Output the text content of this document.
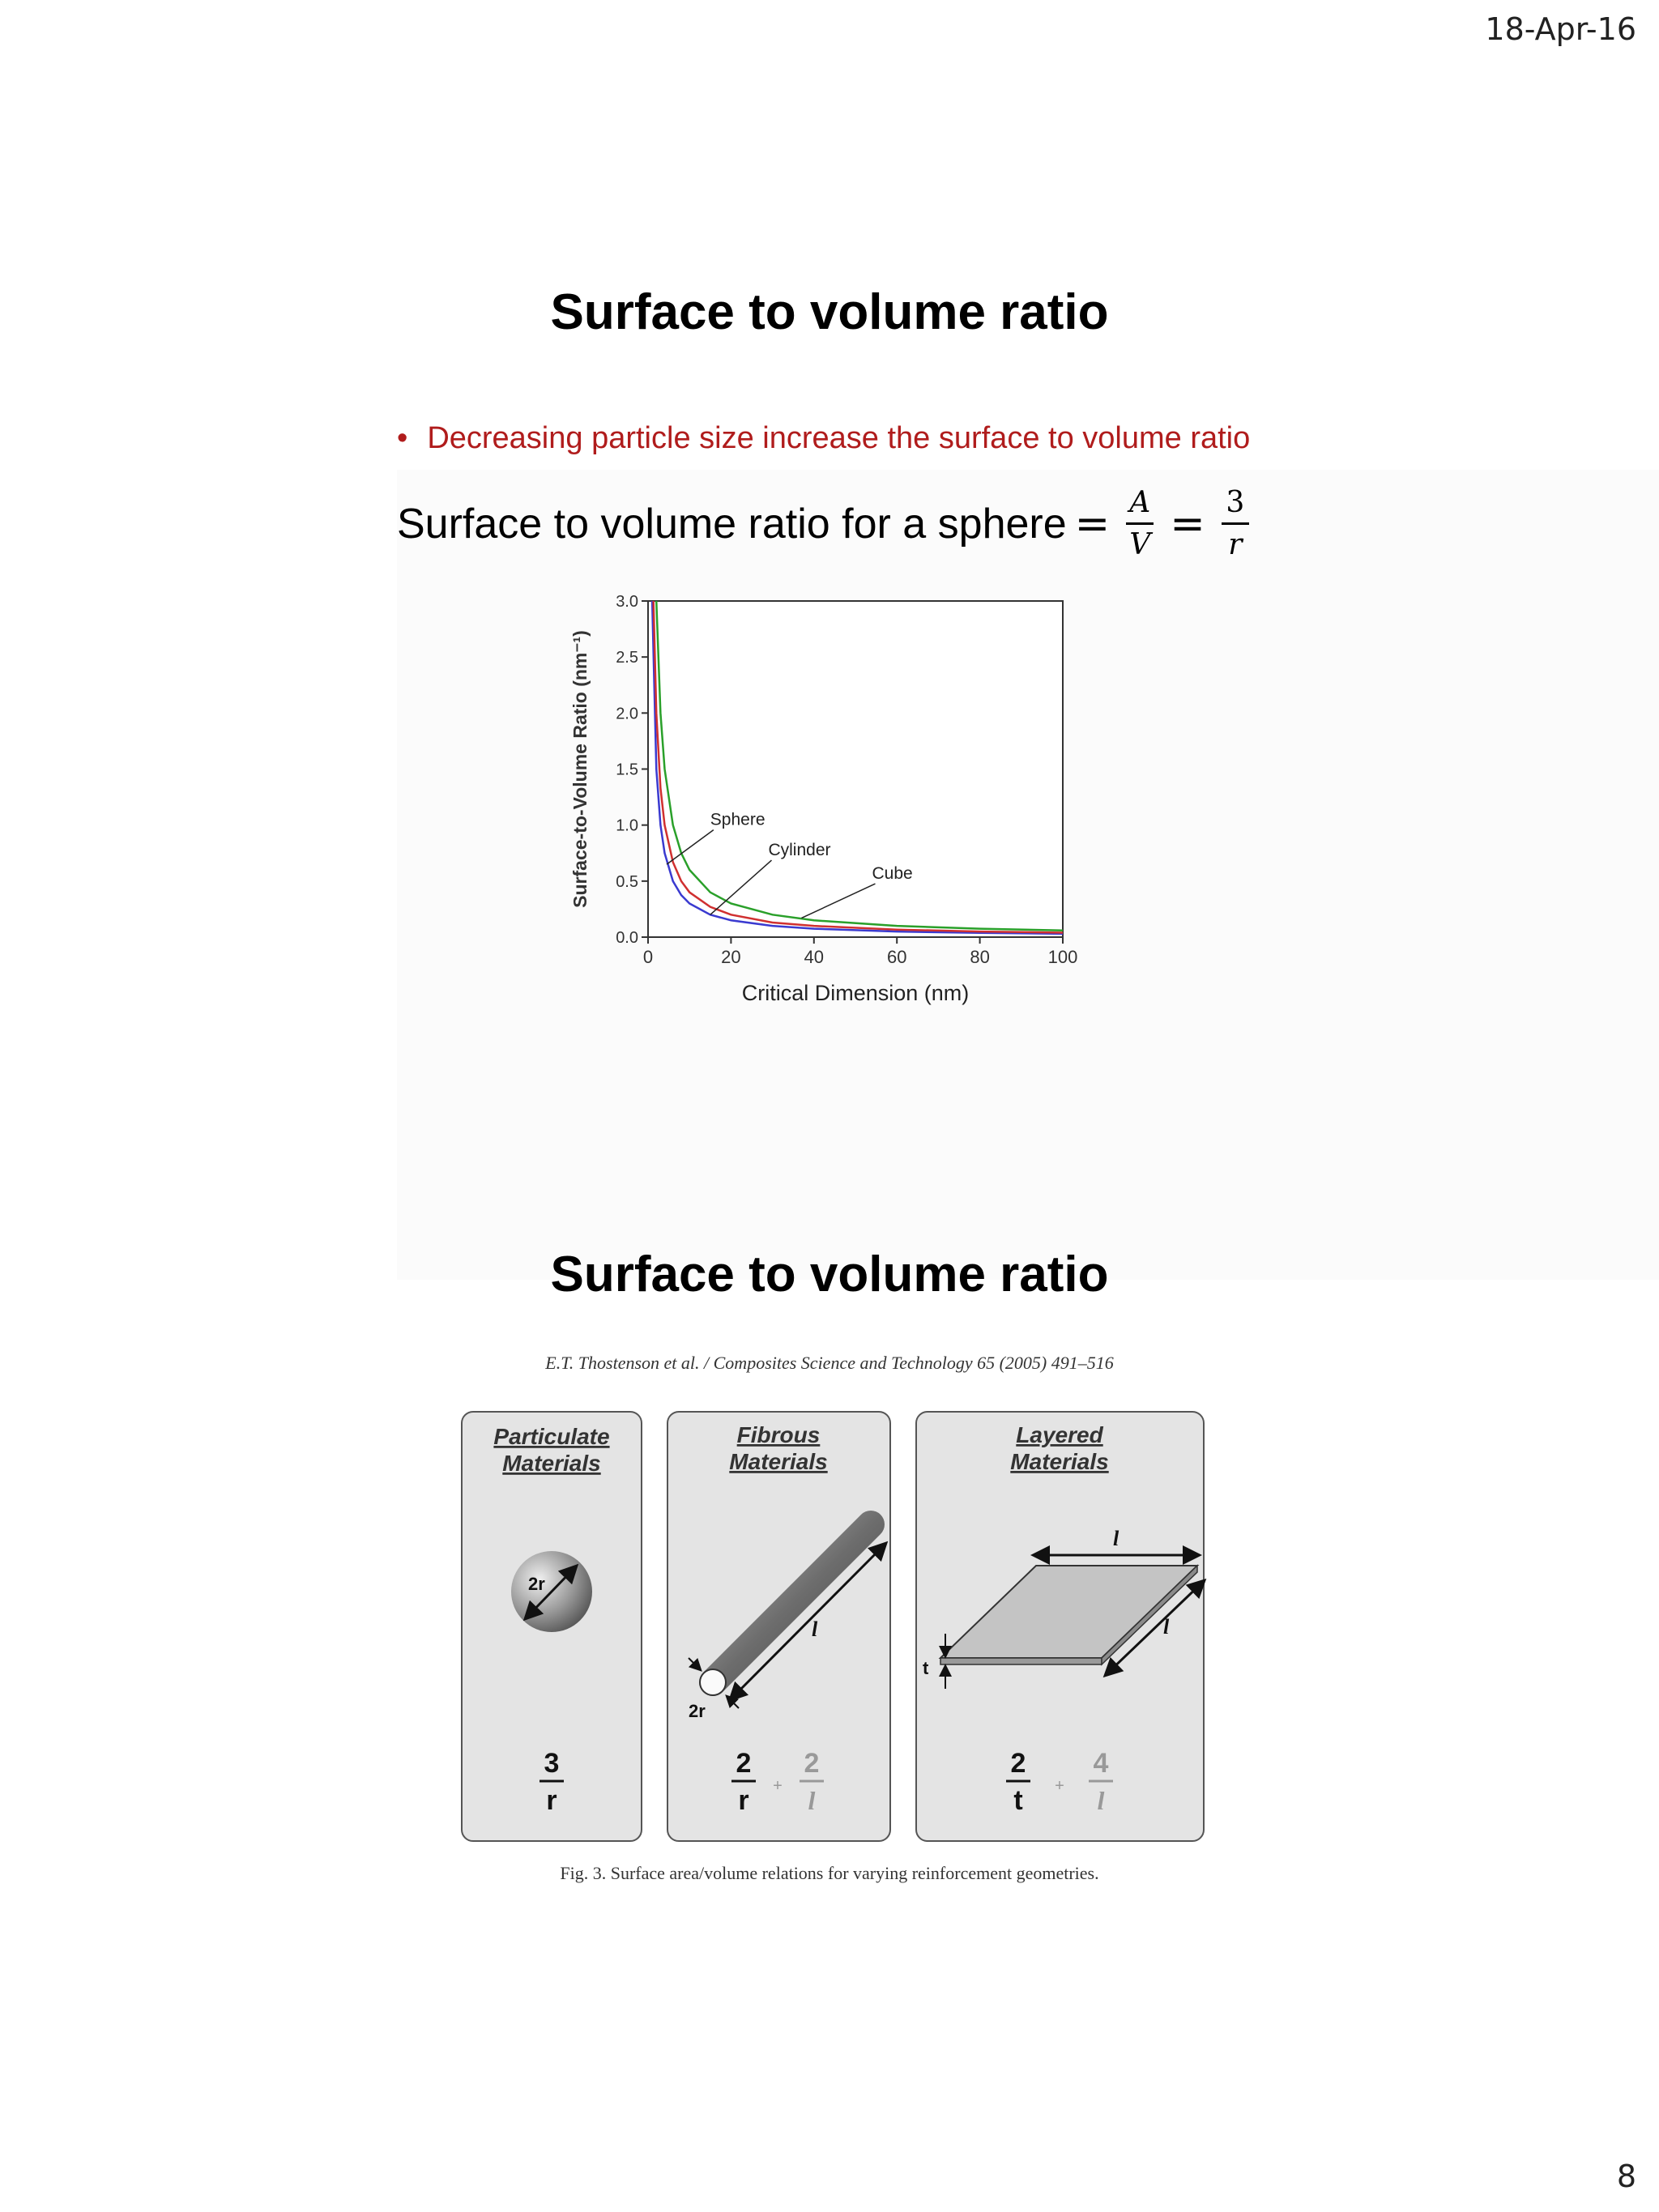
18-Apr-16
8
Surface to volume ratio
• Decreasing particle size increase the surface to volume ratio
Surface to volume ratio for a sphere = $\frac{A}{V} = \frac{3}{r}$
0.0
0.5
1.0
1.5
2.0
2.5
3.0
0	20	40	60	80	100
Critical Dimension (nm)
Surface-to-Volume Ratio (nm⁻¹)	Sphere
Cylinder
Cube
Surface to volume ratio
E.T. Thostenson et al. / Composites Science and Technology 65 (2005) 491–516
Particulate
Materials
2r
3
r
Fibrous
Materials
l
2r
2
r +
2
l
Layered
Materials
l
l
t
2
t +
4
l
Fig. 3. Surface area/volume relations for varying reinforcement geometries.
